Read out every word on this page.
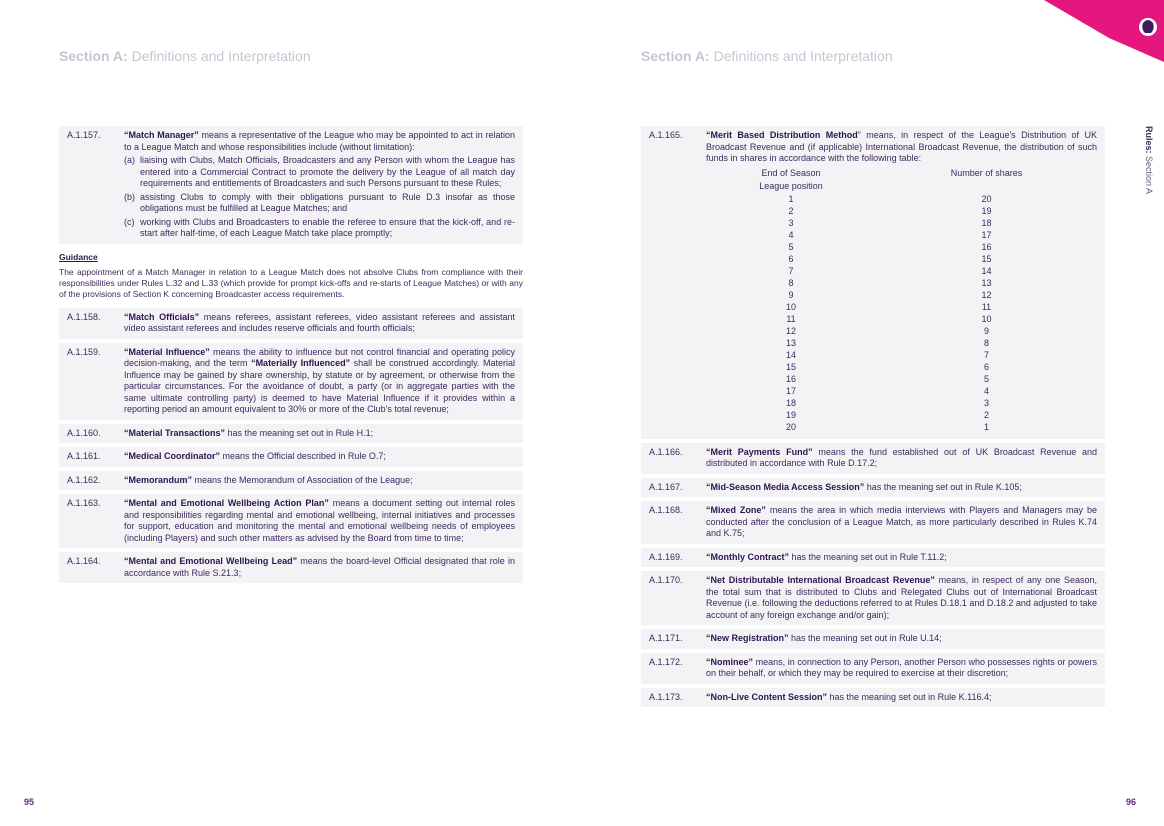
Section A: Definitions and Interpretation
A.1.157.	“Match Manager” means a representative of the League who may be appointed to act in relation to a League Match and whose responsibilities include (without limitation):
(a) liaising with Clubs, Match Officials, Broadcasters and any Person with whom the League has entered into a Commercial Contract to promote the delivery by the League of all match day requirements and entitlements of Broadcasters and such Persons pursuant to these Rules;
(b) assisting Clubs to comply with their obligations pursuant to Rule D.3 insofar as those obligations must be fulfilled at League Matches; and
(c) working with Clubs and Broadcasters to enable the referee to ensure that the kick-off, and re-start after half-time, of each League Match take place promptly;
Guidance
The appointment of a Match Manager in relation to a League Match does not absolve Clubs from compliance with their responsibilities under Rules L.32 and L.33 (which provide for prompt kick-offs and re-starts of League Matches) or with any of the provisions of Section K concerning Broadcaster access requirements.
A.1.158.	“Match Officials” means referees, assistant referees, video assistant referees and assistant video assistant referees and includes reserve officials and fourth officials;
A.1.159.	“Material Influence” means the ability to influence but not control financial and operating policy decision-making, and the term “Materially Influenced” shall be construed accordingly. Material Influence may be gained by share ownership, by statute or by agreement, or otherwise from the particular circumstances. For the avoidance of doubt, a party (or in aggregate parties with the same ultimate controlling party) is deemed to have Material Influence if it provides within a reporting period an amount equivalent to 30% or more of the Club's total revenue;
A.1.160.	“Material Transactions” has the meaning set out in Rule H.1;
A.1.161.	“Medical Coordinator” means the Official described in Rule O.7;
A.1.162.	“Memorandum” means the Memorandum of Association of the League;
A.1.163.	“Mental and Emotional Wellbeing Action Plan” means a document setting out internal roles and responsibilities regarding mental and emotional wellbeing, internal initiatives and processes for support, education and monitoring the mental and emotional wellbeing needs of employees (including Players) and such other matters as advised by the Board from time to time;
A.1.164.	“Mental and Emotional Wellbeing Lead” means the board-level Official designated that role in accordance with Rule S.21.3;
95
Section A: Definitions and Interpretation
A.1.165.	“Merit Based Distribution Method” means, in respect of the League's Distribution of UK Broadcast Revenue and (if applicable) International Broadcast Revenue, the distribution of such funds in shares in accordance with the following table:
End of Season	Number of shares
League position	
1	20
2	19
3	18
4	17
5	16
6	15
7	14
8	13
9	12
10	11
11	10
12	9
13	8
14	7
15	6
16	5
17	4
18	3
19	2
20	1
A.1.166.	“Merit Payments Fund” means the fund established out of UK Broadcast Revenue and distributed in accordance with Rule D.17.2;
A.1.167.	“Mid-Season Media Access Session” has the meaning set out in Rule K.105;
A.1.168.	“Mixed Zone” means the area in which media interviews with Players and Managers may be conducted after the conclusion of a League Match, as more particularly described in Rules K.74 and K.75;
A.1.169.	“Monthly Contract” has the meaning set out in Rule T.11.2;
A.1.170.	“Net Distributable International Broadcast Revenue” means, in respect of any one Season, the total sum that is distributed to Clubs and Relegated Clubs out of International Broadcast Revenue (i.e. following the deductions referred to at Rules D.18.1 and D.18.2 and adjusted to take account of any foreign exchange and/or gain);
A.1.171.	“New Registration” has the meaning set out in Rule U.14;
A.1.172.	“Nominee” means, in connection to any Person, another Person who possesses rights or powers on their behalf, or which they may be required to exercise at their discretion;
A.1.173.	“Non-Live Content Session” has the meaning set out in Rule K.116.4;
Rules: Section A
96
